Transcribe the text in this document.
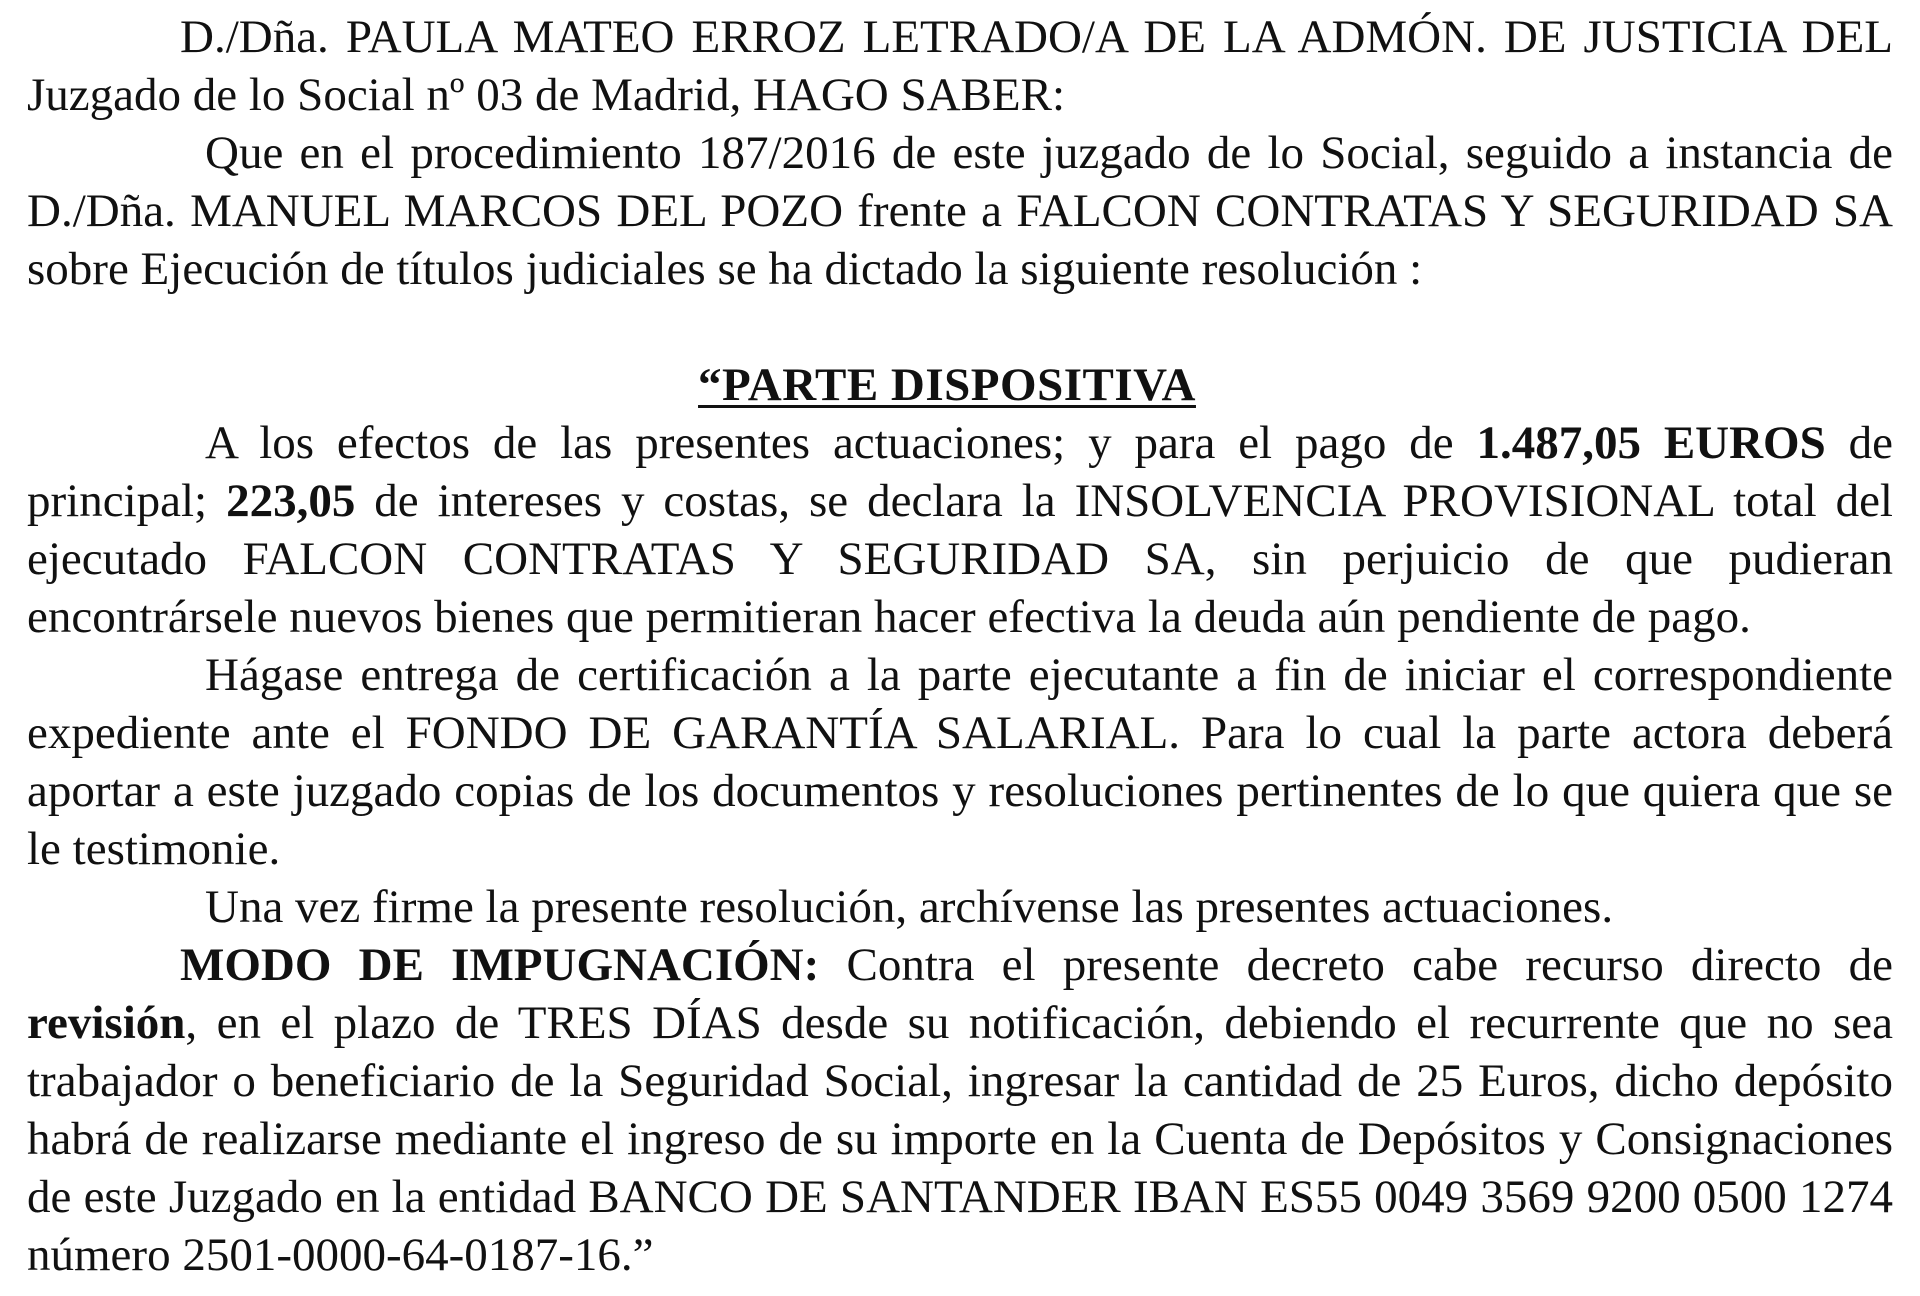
D./Dña. PAULA MATEO ERROZ LETRADO/A DE LA ADMÓN. DE JUSTICIA DEL Juzgado de lo Social nº 03 de Madrid, HAGO SABER:

Que en el procedimiento 187/2016 de este juzgado de lo Social, seguido a instancia de D./Dña. MANUEL MARCOS DEL POZO frente a FALCON CONTRATAS Y SEGURIDAD SA sobre Ejecución de títulos judiciales se ha dictado la siguiente resolución :

“PARTE DISPOSITIVA

A los efectos de las presentes actuaciones; y para el pago de 1.487,05 EUROS de principal; 223,05 de intereses y costas, se declara la INSOLVENCIA PROVISIONAL total del ejecutado FALCON CONTRATAS Y SEGURIDAD SA, sin perjuicio de que pudieran encontrársele nuevos bienes que permitieran hacer efectiva la deuda aún pendiente de pago.

Hágase entrega de certificación a la parte ejecutante a fin de iniciar el correspondiente expediente ante el FONDO DE GARANTÍA SALARIAL. Para lo cual la parte actora deberá aportar a este juzgado copias de los documentos y resoluciones pertinentes de lo que quiera que se le testimonie.

Una vez firme la presente resolución, archívense las presentes actuaciones.

MODO DE IMPUGNACIÓN: Contra el presente decreto cabe recurso directo de revisión, en el plazo de TRES DÍAS desde su notificación, debiendo el recurrente que no sea trabajador o beneficiario de la Seguridad Social, ingresar la cantidad de 25 Euros, dicho depósito habrá de realizarse mediante el ingreso de su importe en la Cuenta de Depósitos y Consignaciones de este Juzgado en la entidad BANCO DE SANTANDER IBAN ES55 0049 3569 9200 0500 1274 número 2501-0000-64-0187-16.”
